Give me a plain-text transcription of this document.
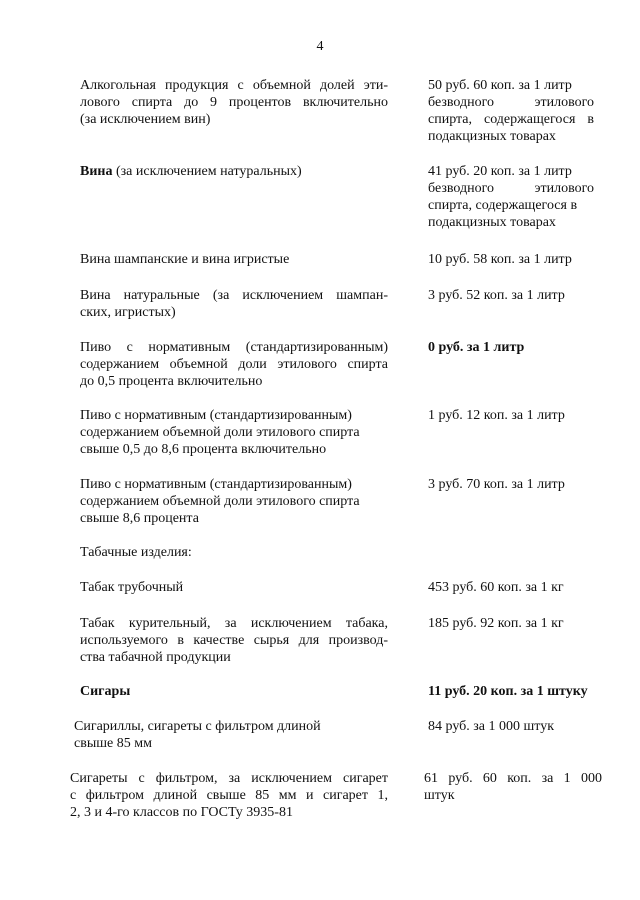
4
Алкогольная продукция с объемной долей эти-
лового спирта до 9 процентов включительно
(за исключением вин)
50 руб. 60 коп. за 1 литр
безводного этилового
спирта, содержащегося в
подакцизных товарах
Вина (за исключением натуральных)	41 руб. 20 коп. за 1 литр
безводного этилового
спирта, содержащегося в
подакцизных товарах
Вина шампанские и вина игристые	10 руб. 58 коп. за 1 литр
Вина натуральные (за исключением шампан-
ских, игристых)
3 руб. 52 коп. за 1 литр
Пиво с нормативным (стандартизированным)
содержанием объемной доли этилового спирта
до 0,5 процента включительно
0 руб. за 1 литр
Пиво с нормативным (стандартизированным)
содержанием объемной доли этилового спирта
свыше 0,5 до 8,6 процента включительно
1 руб. 12 коп. за 1 литр
Пиво с нормативным (стандартизированным)
содержанием объемной доли этилового спирта
свыше 8,6 процента
3 руб. 70 коп. за 1 литр
Табачные изделия:
Табак трубочный	453 руб. 60 коп. за 1 кг
Табак курительный, за исключением табака,
используемого в качестве сырья для производ-
ства табачной продукции
185 руб. 92 коп. за 1 кг
Сигары	11 руб. 20 коп. за 1 штуку
Сигариллы, сигареты с фильтром длиной
свыше 85 мм
84 руб. за 1 000 штук
Сигареты с фильтром, за исключением сигарет
с фильтром длиной свыше 85 мм и сигарет 1,
2, 3 и 4-го классов по ГОСТу 3935-81
61 руб. 60 коп. за 1 000
штук
